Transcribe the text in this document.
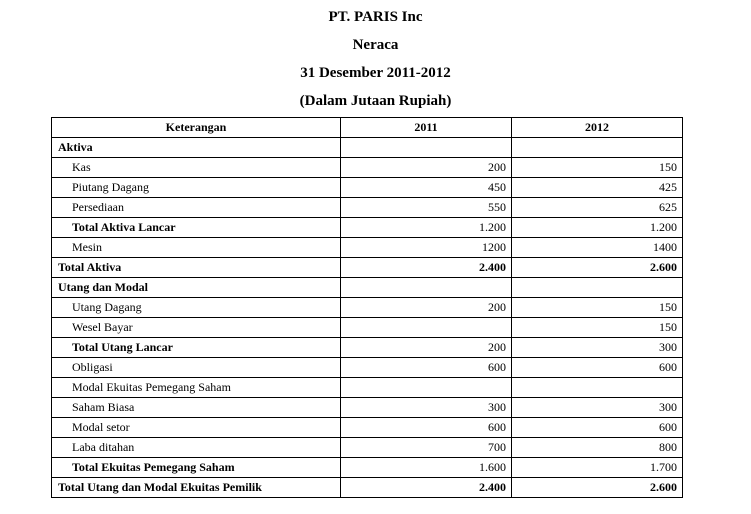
PT. PARIS Inc
Neraca
31 Desember 2011-2012
(Dalam Jutaan Rupiah)
Keterangan	2011	2012
Aktiva		
Kas	200	150
Piutang Dagang	450	425
Persediaan	550	625
Total Aktiva Lancar	1.200	1.200
Mesin	1200	1400
Total Aktiva	2.400	2.600
Utang dan Modal		
Utang Dagang	200	150
Wesel Bayar		150
Total Utang Lancar	200	300
Obligasi	600	600
Modal Ekuitas Pemegang Saham		
Saham Biasa	300	300
Modal setor	600	600
Laba ditahan	700	800
Total Ekuitas Pemegang Saham	1.600	1.700
Total Utang dan Modal Ekuitas Pemilik	2.400	2.600
